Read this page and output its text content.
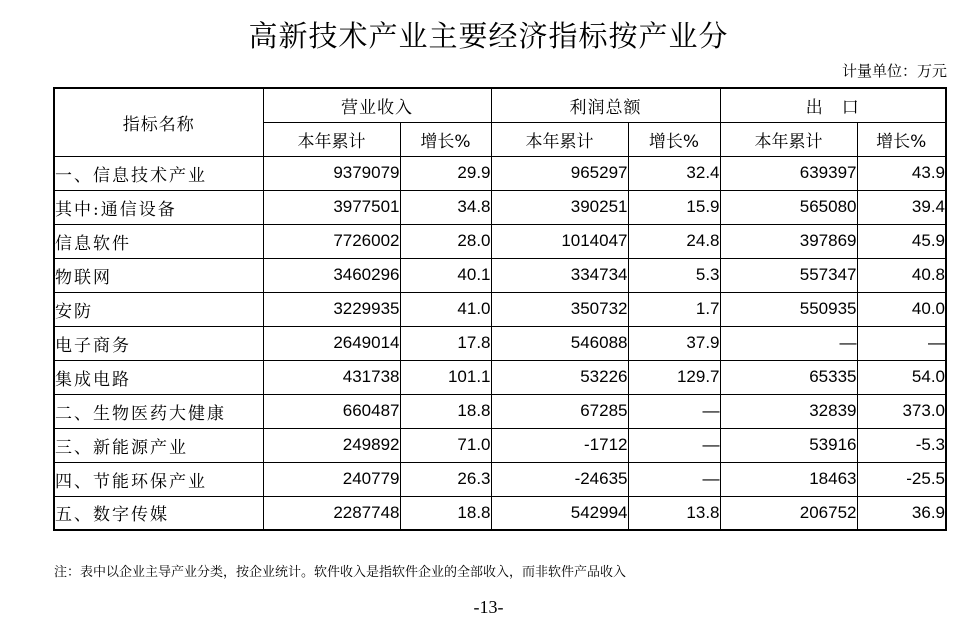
高新技术产业主要经济指标按产业分
计量单位：万元
指标名称	营业收入		利润总额		出　口	
	本年累计	增长%	本年累计	增长%	本年累计	增长%
一、信息技术产业	9379079	29.9	965297	32.4	639397	43.9
其中:通信设备	3977501	34.8	390251	15.9	565080	39.4
信息软件	7726002	28.0	1014047	24.8	397869	45.9
物联网	3460296	40.1	334734	5.3	557347	40.8
安防	3229935	41.0	350732	1.7	550935	40.0
电子商务	2649014	17.8	546088	37.9	—	—
集成电路	431738	101.1	53226	129.7	65335	54.0
二、生物医药大健康	660487	18.8	67285	—	32839	373.0
三、新能源产业	249892	71.0	-1712	—	53916	-5.3
四、节能环保产业	240779	26.3	-24635	—	18463	-25.5
五、数字传媒	2287748	18.8	542994	13.8	206752	36.9
注：表中以企业主导产业分类，按企业统计。软件收入是指软件企业的全部收入，而非软件产品收入
-13-
